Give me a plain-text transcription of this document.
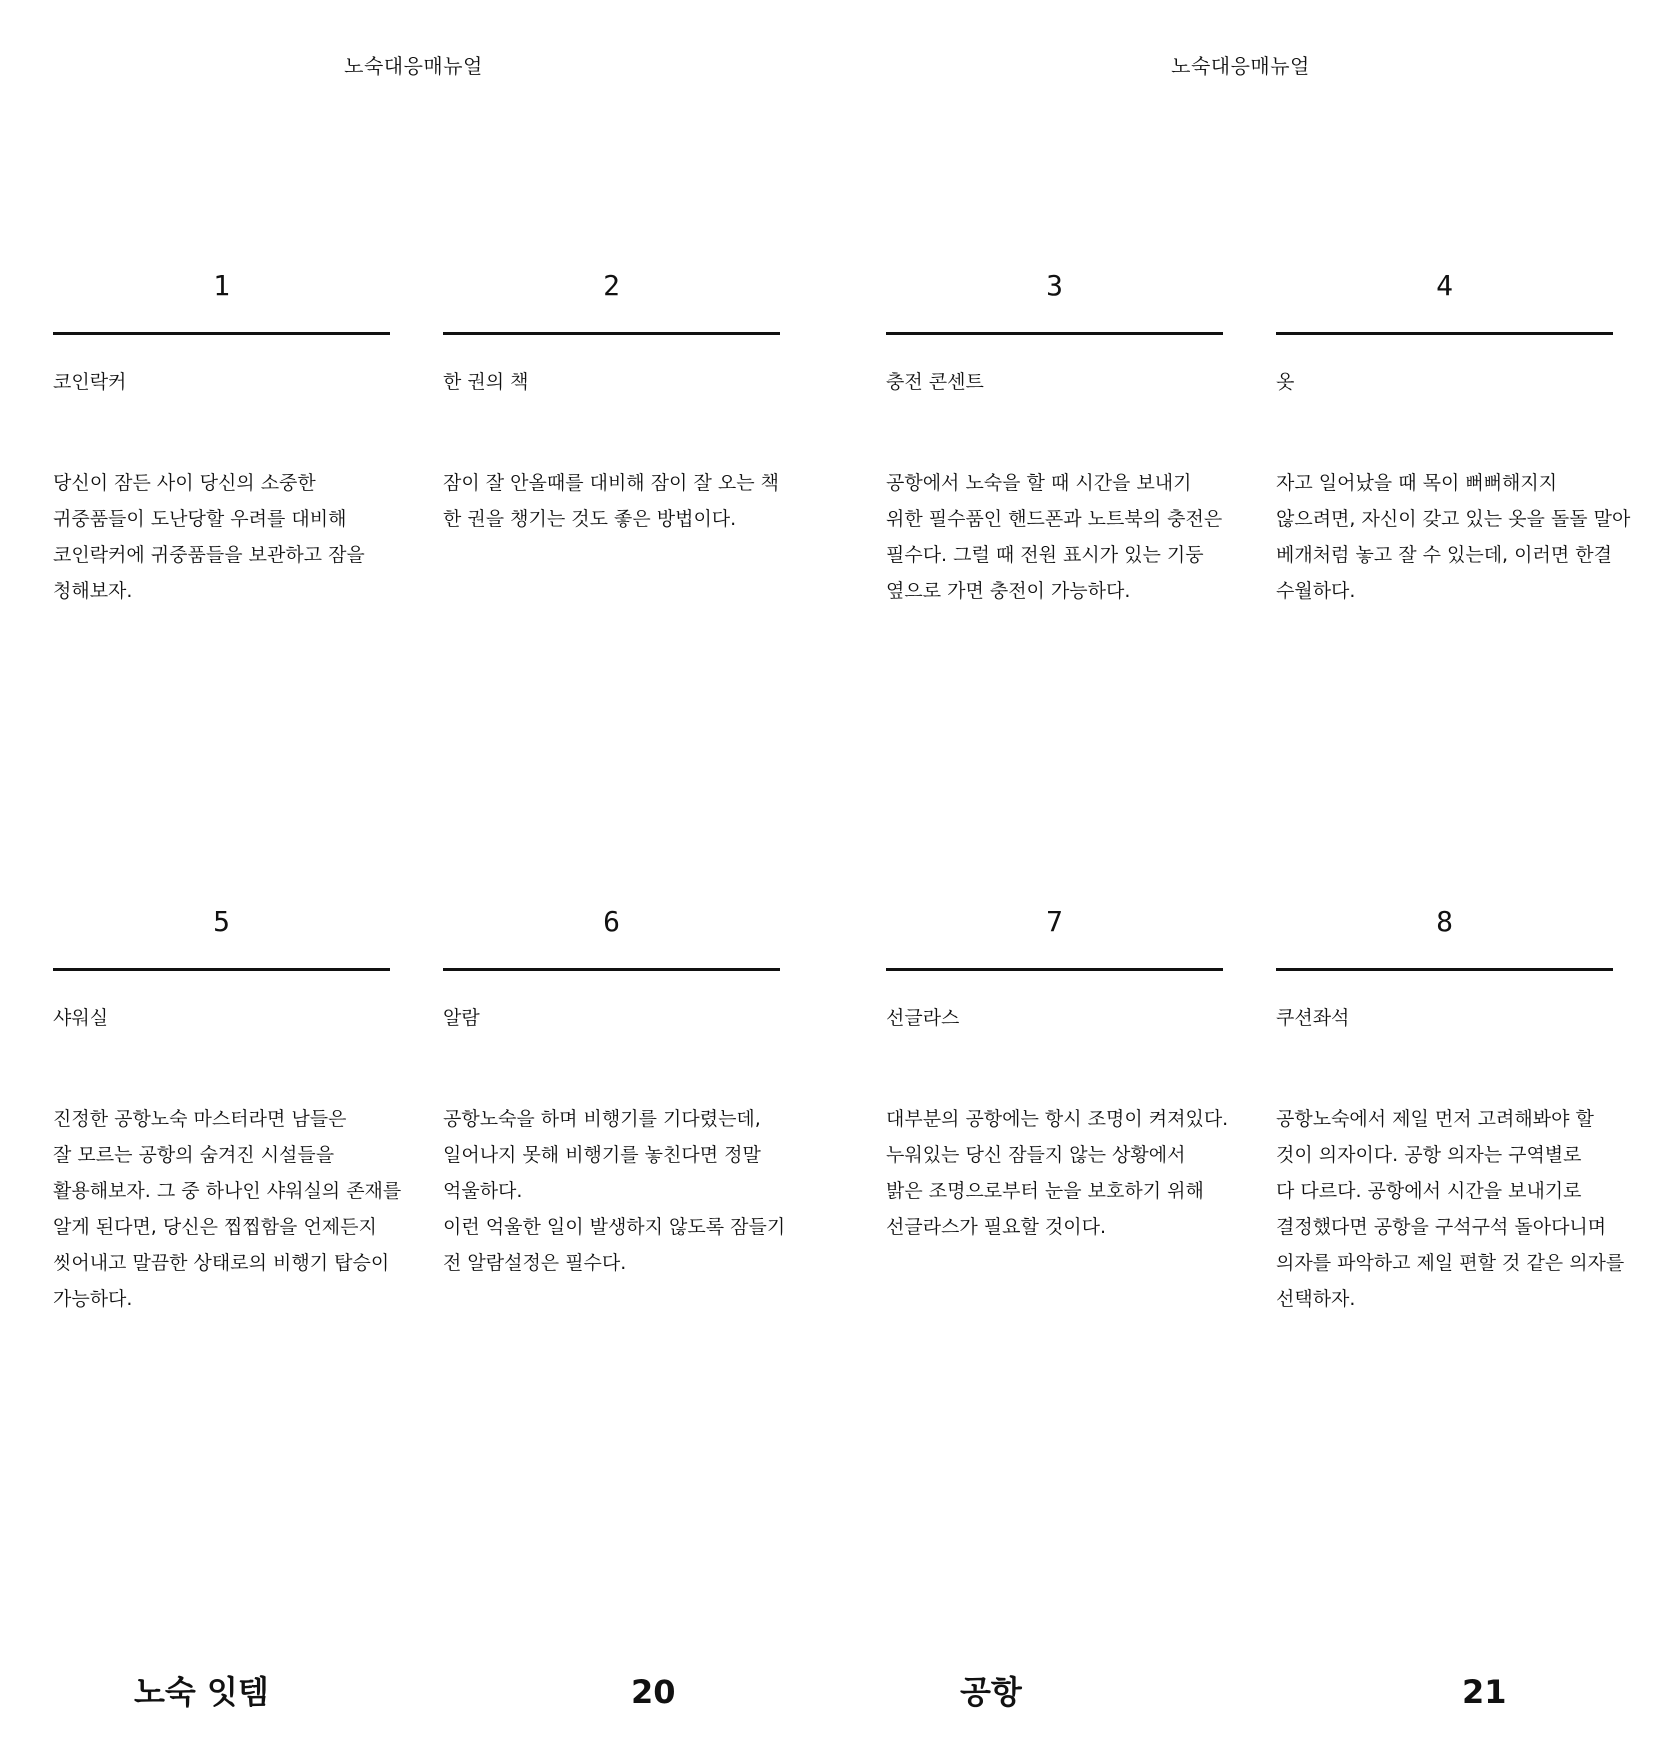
노숙대응매뉴얼
1
코인락커

당신이 잠든 사이 당신의 소중한
귀중품들이 도난당할 우려를 대비해
코인락커에 귀중품들을 보관하고 잠을
청해보자.

2
한 권의 책

잠이 잘 안올때를 대비해 잠이 잘 오는 책
한 권을 챙기는 것도 좋은 방법이다.

5
샤워실

진정한 공항노숙 마스터라면 남들은
잘 모르는 공항의 숨겨진 시설들을
활용해보자. 그 중 하나인 샤워실의 존재를
알게 된다면, 당신은 찝찝함을 언제든지
씻어내고 말끔한 상태로의 비행기 탑승이
가능하다.

6
알람

공항노숙을 하며 비행기를 기다렸는데,
일어나지 못해 비행기를 놓친다면 정말
억울하다.
이런 억울한 일이 발생하지 않도록 잠들기
전 알람설정은 필수다.

노숙 잇템	20
노숙대응매뉴얼
3
충전 콘센트

공항에서 노숙을 할 때 시간을 보내기
위한 필수품인 핸드폰과 노트북의 충전은
필수다. 그럴 때 전원 표시가 있는 기둥
옆으로 가면 충전이 가능하다.

4
옷

자고 일어났을 때 목이 뻐뻐해지지
않으려면, 자신이 갖고 있는 옷을 돌돌 말아
베개처럼 놓고 잘 수 있는데, 이러면 한결
수월하다.

7
선글라스

대부분의 공항에는 항시 조명이 켜져있다.
누워있는 당신 잠들지 않는 상황에서
밝은 조명으로부터 눈을 보호하기 위해
선글라스가 필요할 것이다.

8
쿠션좌석

공항노숙에서 제일 먼저 고려해봐야 할
것이 의자이다. 공항 의자는 구역별로
다 다르다. 공항에서 시간을 보내기로
결정했다면 공항을 구석구석 돌아다니며
의자를 파악하고 제일 편할 것 같은 의자를
선택하자.

공항	21
